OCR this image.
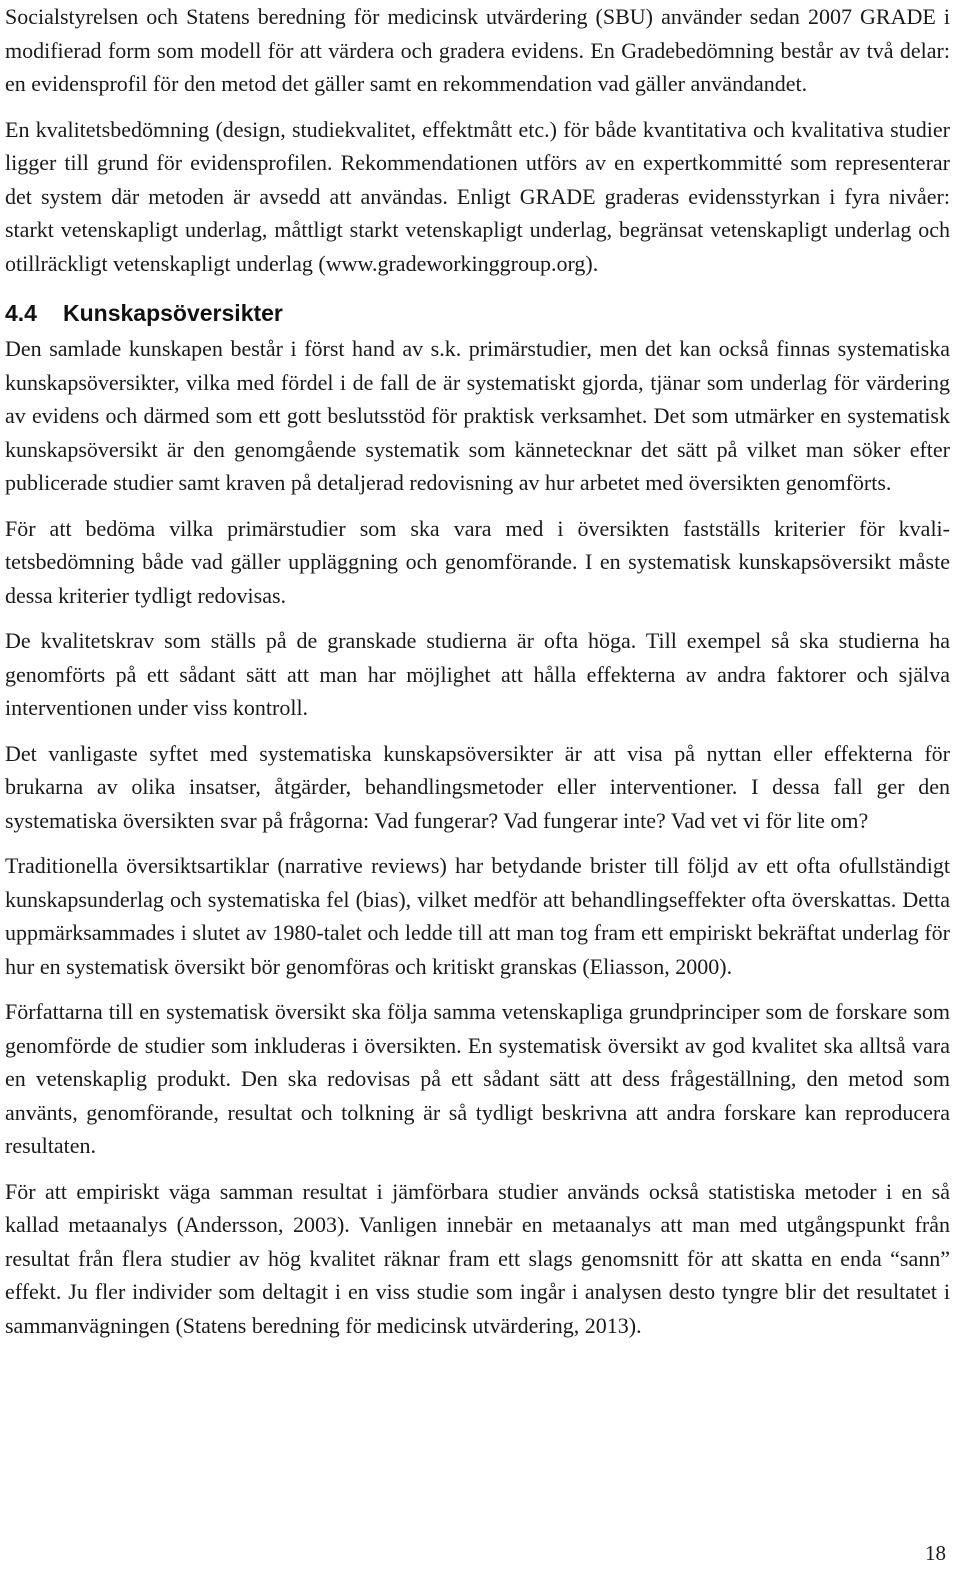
Socialstyrelsen och Statens beredning för medicinsk utvärdering (SBU) använder sedan 2007 GRADE i modifierad form som modell för att värdera och gradera evidens. En Gradebedömning består av två delar: en evidensprofil för den metod det gäller samt en rekommendation vad gäller användandet.

En kvalitetsbedömning (design, studiekvalitet, effektmått etc.) för både kvantitativa och kvalitativa studier ligger till grund för evidensprofilen. Rekommendationen utförs av en expertkommitté som representerar det system där metoden är avsedd att användas. Enligt GRADE graderas evidensstyrkan i fyra nivåer: starkt vetenskapligt underlag, måttligt starkt vetenskapligt underlag, begränsat vetenskapligt underlag och otillräckligt vetenskapligt underlag (www.gradeworkinggroup.org).

4.4 Kunskapsöversikter

Den samlade kunskapen består i först hand av s.k. primärstudier, men det kan också finnas systematiska kunskapsöversikter, vilka med fördel i de fall de är systematiskt gjorda, tjänar som underlag för värdering av evidens och därmed som ett gott beslutsstöd för praktisk verksamhet. Det som utmärker en systematisk kunskapsöversikt är den genomgående systematik som kännetecknar det sätt på vilket man söker efter publicerade studier samt kraven på detaljerad redovisning av hur arbetet med översikten genomförts.

För att bedöma vilka primärstudier som ska vara med i översikten fastställs kriterier för kvalitetsbedömning både vad gäller uppläggning och genomförande. I en systematisk kunskapsöversikt måste dessa kriterier tydligt redovisas.

De kvalitetskrav som ställs på de granskade studierna är ofta höga. Till exempel så ska studierna ha genomförts på ett sådant sätt att man har möjlighet att hålla effekterna av andra faktorer och själva interventionen under viss kontroll.

Det vanligaste syftet med systematiska kunskapsöversikter är att visa på nyttan eller effekterna för brukarna av olika insatser, åtgärder, behandlingsmetoder eller interventioner. I dessa fall ger den systematiska översikten svar på frågorna: Vad fungerar? Vad fungerar inte? Vad vet vi för lite om?

Traditionella översiktsartiklar (narrative reviews) har betydande brister till följd av ett ofta ofullständigt kunskapsunderlag och systematiska fel (bias), vilket medför att behandlingseffekter ofta överskattas. Detta uppmärksammades i slutet av 1980-talet och ledde till att man tog fram ett empiriskt bekräftat underlag för hur en systematisk översikt bör genomföras och kritiskt granskas (Eliasson, 2000).

Författarna till en systematisk översikt ska följa samma vetenskapliga grundprinciper som de forskare som genomförde de studier som inkluderas i översikten. En systematisk översikt av god kvalitet ska alltså vara en vetenskaplig produkt. Den ska redovisas på ett sådant sätt att dess frågeställning, den metod som använts, genomförande, resultat och tolkning är så tydligt beskrivna att andra forskare kan reproducera resultaten.

För att empiriskt väga samman resultat i jämförbara studier används också statistiska metoder i en så kallad metaanalys (Andersson, 2003). Vanligen innebär en metaanalys att man med utgångspunkt från resultat från flera studier av hög kvalitet räknar fram ett slags genomsnitt för att skatta en enda “sann” effekt. Ju fler individer som deltagit i en viss studie som ingår i analysen desto tyngre blir det resultatet i sammanvägningen (Statens beredning för medicinsk utvärdering, 2013).

18
